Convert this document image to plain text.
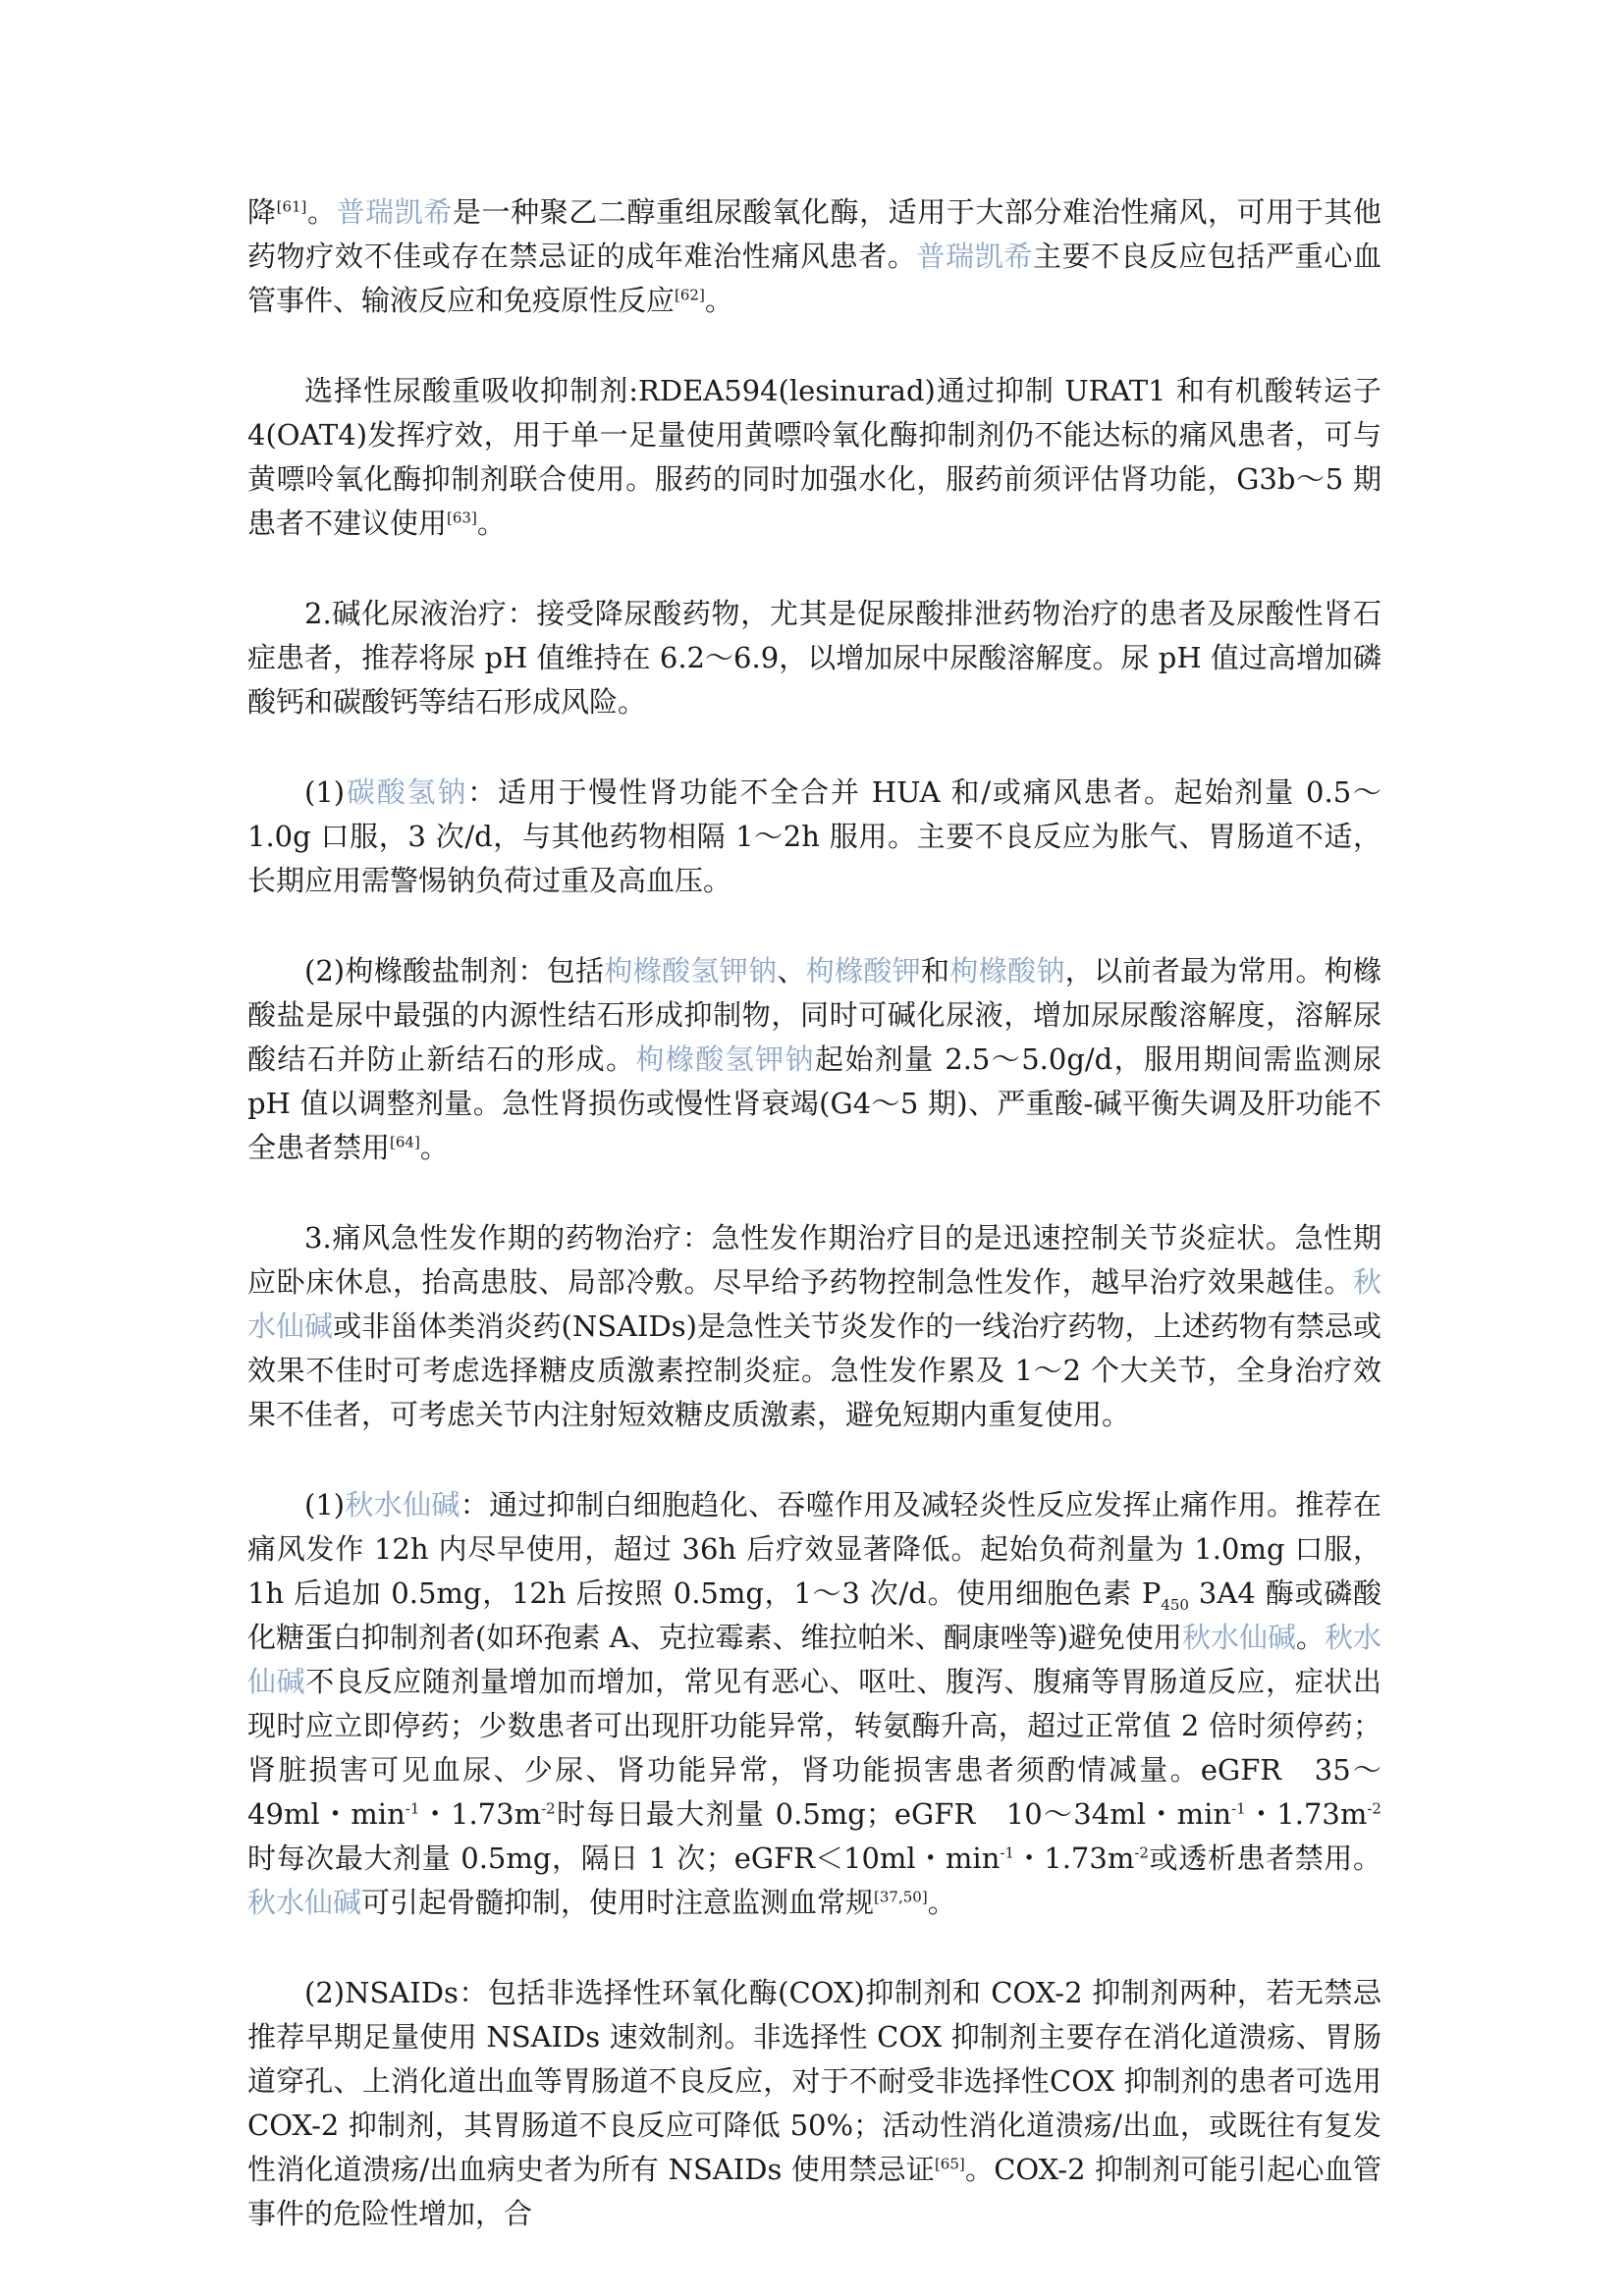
降[61]。普瑞凯希是一种聚乙二醇重组尿酸氧化酶，适用于大部分难治性痛风，可用于其他药物疗效不佳或存在禁忌证的成年难治性痛风患者。普瑞凯希主要不良反应包括严重心血管事件、输液反应和免疫原性反应[62]。

选择性尿酸重吸收抑制剂:RDEA594(lesinurad)通过抑制 URAT1 和有机酸转运子 4(OAT4)发挥疗效，用于单一足量使用黄嘌呤氧化酶抑制剂仍不能达标的痛风患者，可与黄嘌呤氧化酶抑制剂联合使用。服药的同时加强水化，服药前须评估肾功能，G3b～5 期患者不建议使用[63]。

2.碱化尿液治疗：接受降尿酸药物，尤其是促尿酸排泄药物治疗的患者及尿酸性肾石症患者，推荐将尿 pH 值维持在 6.2～6.9，以增加尿中尿酸溶解度。尿 pH 值过高增加磷酸钙和碳酸钙等结石形成风险。

(1)碳酸氢钠：适用于慢性肾功能不全合并 HUA 和/或痛风患者。起始剂量 0.5～1.0g 口服，3 次/d，与其他药物相隔 1～2h 服用。主要不良反应为胀气、胃肠道不适，长期应用需警惕钠负荷过重及高血压。

(2)枸橼酸盐制剂：包括枸橼酸氢钾钠、枸橼酸钾和枸橼酸钠，以前者最为常用。枸橼酸盐是尿中最强的内源性结石形成抑制物，同时可碱化尿液，增加尿尿酸溶解度，溶解尿酸结石并防止新结石的形成。枸橼酸氢钾钠起始剂量 2.5～5.0g/d，服用期间需监测尿 pH 值以调整剂量。急性肾损伤或慢性肾衰竭(G4～5 期)、严重酸-碱平衡失调及肝功能不全患者禁用[64]。

3.痛风急性发作期的药物治疗：急性发作期治疗目的是迅速控制关节炎症状。急性期应卧床休息，抬高患肢、局部冷敷。尽早给予药物控制急性发作，越早治疗效果越佳。秋水仙碱或非甾体类消炎药(NSAIDs)是急性关节炎发作的一线治疗药物，上述药物有禁忌或效果不佳时可考虑选择糖皮质激素控制炎症。急性发作累及 1～2 个大关节，全身治疗效果不佳者，可考虑关节内注射短效糖皮质激素，避免短期内重复使用。

(1)秋水仙碱：通过抑制白细胞趋化、吞噬作用及减轻炎性反应发挥止痛作用。推荐在痛风发作 12h 内尽早使用，超过 36h 后疗效显著降低。起始负荷剂量为 1.0mg 口服，1h 后追加 0.5mg，12h 后按照 0.5mg，1～3 次/d。使用细胞色素 $P_{450}$ 3A4 酶或磷酸化糖蛋白抑制剂者(如环孢素 A、克拉霉素、维拉帕米、酮康唑等)避免使用秋水仙碱。秋水仙碱不良反应随剂量增加而增加，常见有恶心、呕吐、腹泻、腹痛等胃肠道反应，症状出现时应立即停药；少数患者可出现肝功能异常，转氨酶升高，超过正常值 2 倍时须停药；肾脏损害可见血尿、少尿、肾功能异常，肾功能损害患者须酌情减量。eGFR　35～49ml・$\min^{-1}$・$1.73m^{-2}$时每日最大剂量 0.5mg；eGFR　10～34ml・$\min^{-1}$・$1.73m^{-2}$时每次最大剂量 0.5mg，隔日 1 次；eGFR＜10ml・$\min^{-1}$・$1.73m^{-2}$或透析患者禁用。秋水仙碱可引起骨髓抑制，使用时注意监测血常规[37,50]。

(2)NSAIDs：包括非选择性环氧化酶(COX)抑制剂和 COX-2 抑制剂两种，若无禁忌推荐早期足量使用 NSAIDs 速效制剂。非选择性 COX 抑制剂主要存在消化道溃疡、胃肠道穿孔、上消化道出血等胃肠道不良反应，对于不耐受非选择性COX 抑制剂的患者可选用COX-2 抑制剂，其胃肠道不良反应可降低 50%；活动性消化道溃疡/出血，或既往有复发性消化道溃疡/出血病史者为所有 NSAIDs 使用禁忌证[65]。COX-2 抑制剂可能引起心血管事件的危险性增加，合
